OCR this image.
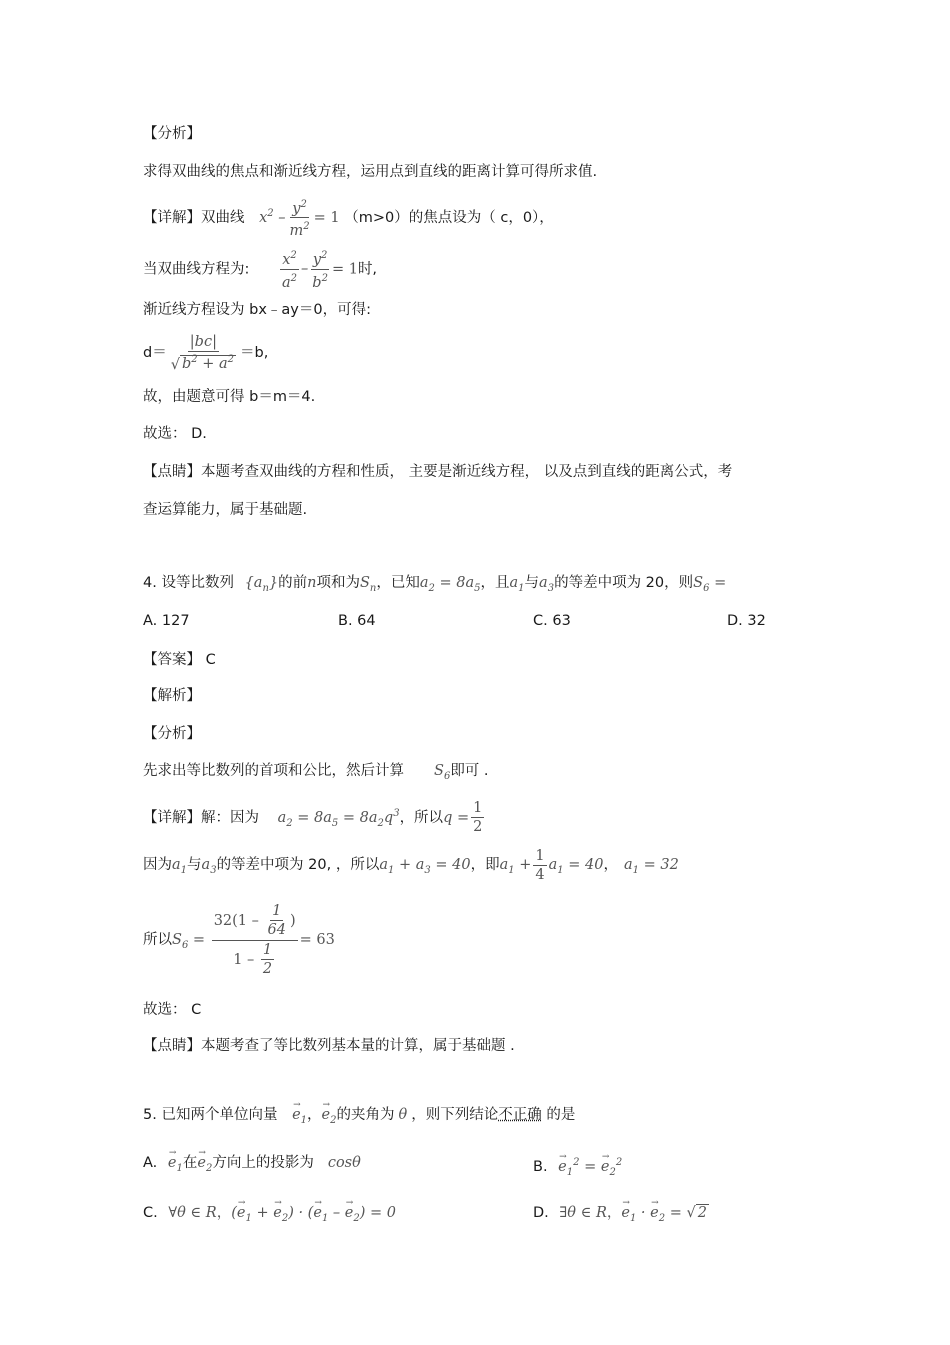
【分析】
求得双曲线的焦点和渐近线方程，运用点到直线的距离计算可得所求值.
【详解】双曲线 $x^2 - \frac{y^2}{m^2} = 1$ （m>0）的焦点设为（ c，0），
当双曲线方程为: $\frac{x^2}{a^2} - \frac{y^2}{b^2} = 1$时,
渐近线方程设为 bx﹣ay＝0，可得:
$d= \frac{|bc|}{√ b^2 + a^2} =b$,
故，由题意可得 b＝m＝4.
故选： D.
【点睛】本题考查双曲线的方程和性质， 主要是渐近线方程， 以及点到直线的距离公式，考
查运算能力，属于基础题.
4. 设等比数列 $\{a_n\}$的前n项和为$S_n$，已知$a_2 = 8a_5$，且$a_1$与$a_3$的等差中项为 20，则$S_6$ =
A. 127	B. 64	C. 63	D. 32
【答案】 C
【解析】
【分析】
先求出等比数列的首项和公比，然后计算 $S_6$即可 .
【详解】解：因为 $a_2 = 8a_5 = 8a_2q^3$，所以$q = \frac{1}{2}$
因为$a_1$与$a_3$的等差中项为 20, ，所以$a_1 + a_3 = 40$，即$a_1 + \frac{1}{4} a_1 = 40$， $a_1 = 32$
所以$S_6 = \frac{32(1 - \frac{1}{64} )}{1 - \frac{1}{2}} = 63$
故选： C
【点睛】本题考查了等比数列基本量的计算，属于基础题 .
5. 已知两个单位向量 → $e_1$，→ $e_2$的夹角为 θ ，则下列结论不正确 的是
A. → $e_1$在→ $e_2$方向上的投影为 cosθ	B. → $e_1^2$ = → $e_2^2$
C. ∀θ ∈ R，(→ $e_1$ + → $e_2$) · (→ $e_1$ – → $e_2) = 0$	D. ∃θ ∈ R，→ $e_1$ · → $e_2$ = √ 2
